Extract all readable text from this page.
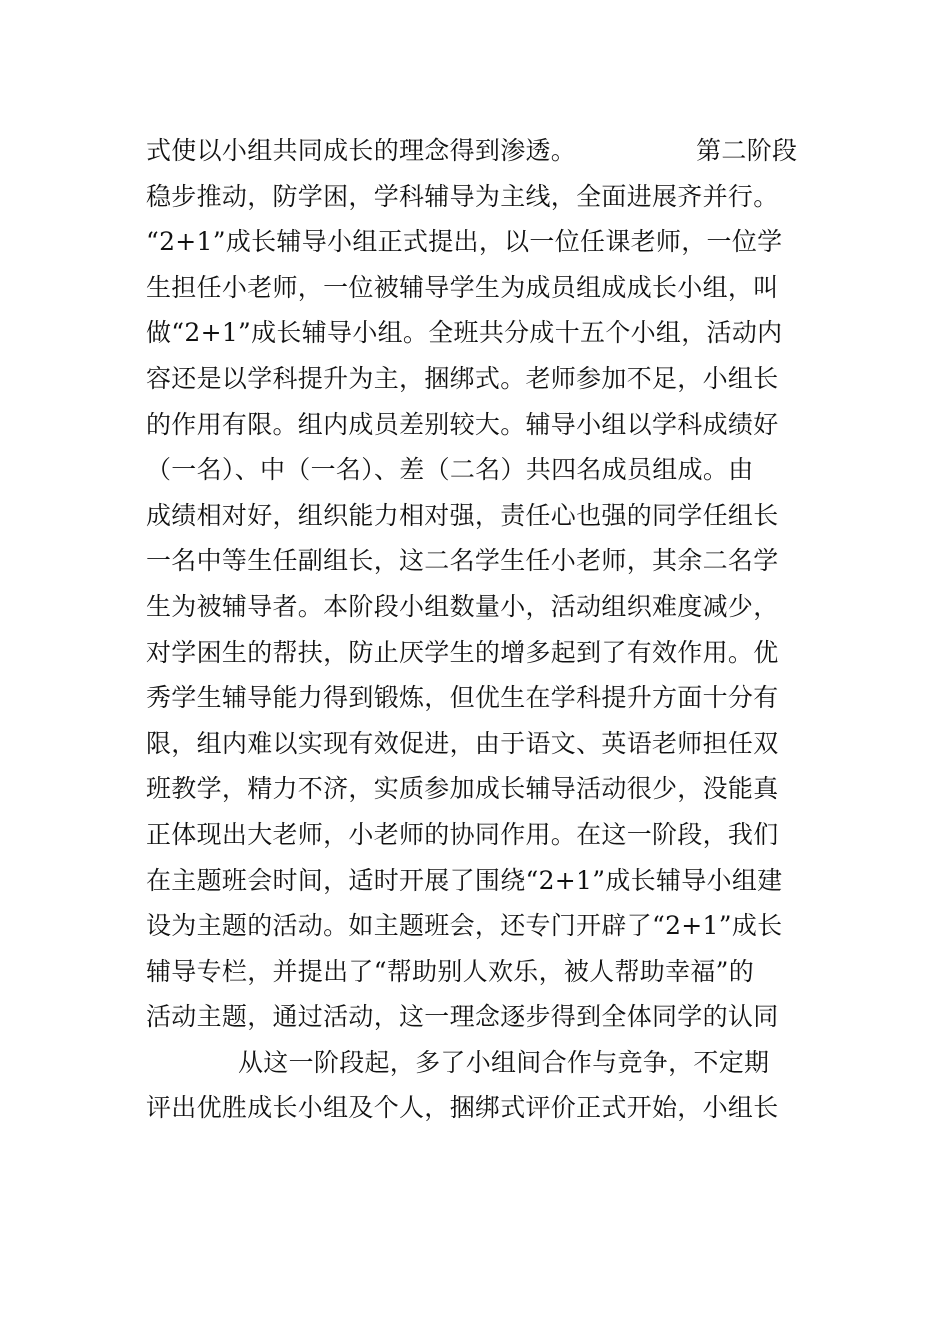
式使以小组共同成长的理念得到渗透。	第二阶段
稳步推动，防学困，学科辅导为主线，全面进展齐并行。
“2+1”成长辅导小组正式提出，以一位任课老师，一位学
生担任小老师，一位被辅导学生为成员组成成长小组，叫
做“2+1”成长辅导小组。全班共分成十五个小组，活动内
容还是以学科提升为主，捆绑式。老师参加不足，小组长
的作用有限。组内成员差别较大。辅导小组以学科成绩好
（一名）、中（一名）、差（二名）共四名成员组成。由
成绩相对好，组织能力相对强，责任心也强的同学任组长
一名中等生任副组长，这二名学生任小老师，其余二名学
生为被辅导者。本阶段小组数量小，活动组织难度减少，
对学困生的帮扶，防止厌学生的增多起到了有效作用。优
秀学生辅导能力得到锻炼，但优生在学科提升方面十分有
限，组内难以实现有效促进，由于语文、英语老师担任双
班教学，精力不济，实质参加成长辅导活动很少，没能真
正体现出大老师，小老师的协同作用。在这一阶段，我们
在主题班会时间，适时开展了围绕“2+1”成长辅导小组建
设为主题的活动。如主题班会，还专门开辟了“2+1”成长
辅导专栏，并提出了“帮助别人欢乐，被人帮助幸福”的
活动主题，通过活动，这一理念逐步得到全体同学的认同
从这一阶段起，多了小组间合作与竞争，不定期
评出优胜成长小组及个人，捆绑式评价正式开始，小组长
